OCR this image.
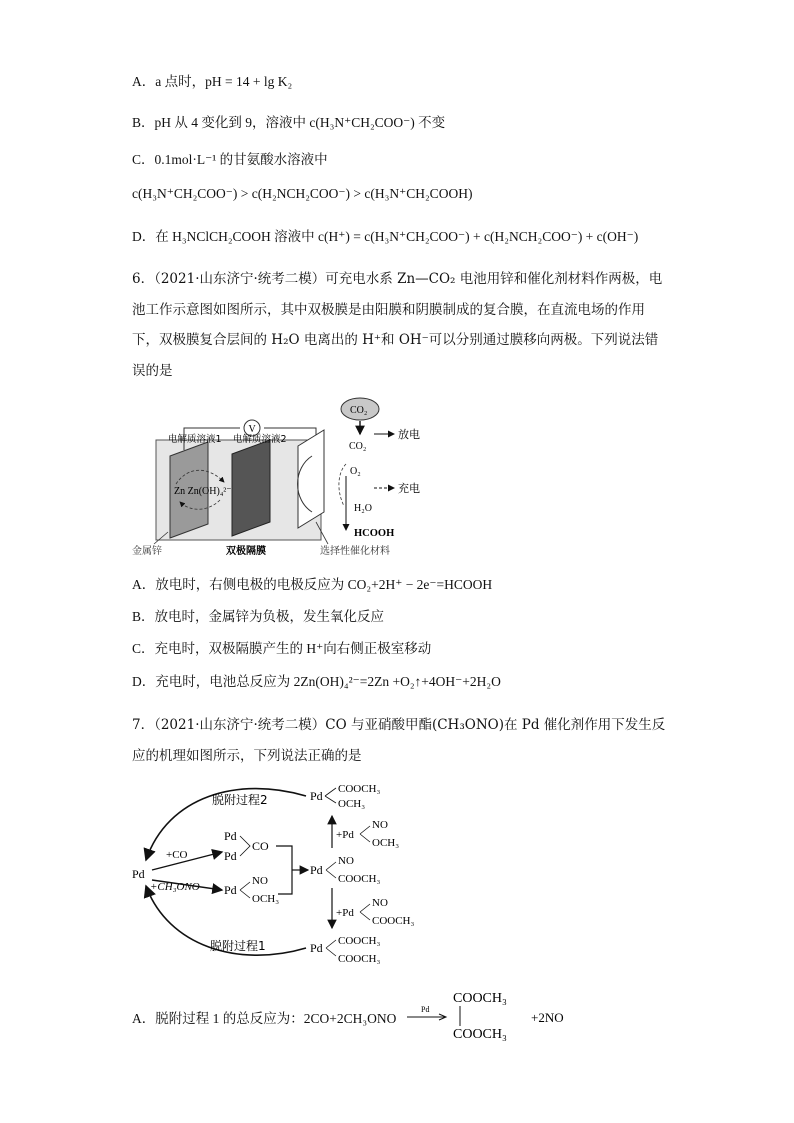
A．a 点时，pH = 14 + lg K₂
B．pH 从 4 变化到 9，溶液中 c(H₃N⁺CH₂COO⁻) 不变
C．0.1mol·L⁻¹ 的甘氨酸水溶液中
c(H₃N⁺CH₂COO⁻) > c(H₂NCH₂COO⁻) > c(H₃N⁺CH₂COOH)
D．在 H₃NClCH₂COOH 溶液中 c(H⁺) = c(H₃N⁺CH₂COO⁻) + c(H₂NCH₂COO⁻) + c(OH⁻)
6．（2021·山东济宁·统考二模）可充电水系 Zn—CO₂ 电池用锌和催化剂材料作两极，电池工作示意图如图所示，其中双极膜是由阳膜和阴膜制成的复合膜，在直流电场的作用下，双极膜复合层间的 H₂O 电离出的 H⁺和 OH⁻可以分别通过膜移向两极。下列说法错误的是
V
电解质溶液1 电解质溶液2
Zn Zn(OH)₄²⁻
CO₂
CO₂
O₂
H₂O
HCOOH
放电
充电
金属锌	双极隔膜	选择性催化材料
A．放电时，右侧电极的电极反应为 CO₂+2H⁺ − 2e⁻=HCOOH
B．放电时，金属锌为负极，发生氧化反应
C．充电时，双极隔膜产生的 H⁺向右侧正极室移动
D．充电时，电池总反应为 2Zn(OH)₄²⁻=2Zn +O₂↑+4OH⁻+2H₂O
7．（2021·山东济宁·统考二模）CO 与亚硝酸甲酯(CH₃ONO)在 Pd 催化剂作用下发生反应的机理如图所示，下列说法正确的是
Pd COOCH₃
OCH₃
脱附过程2
Pd
+CO
+CH₃ONO
Pd
Pd
CO
Pd
NO
OCH₃
Pd
NO
COOCH₃
+Pd
NO
OCH₃
+Pd
NO
COOCH₃
Pd COOCH₃
COOCH₃
脱附过程1
A．脱附过程 1 的总反应为：2CO+2CH₃ONO
Pd
COOCH₃
COOCH₃
+2NO
